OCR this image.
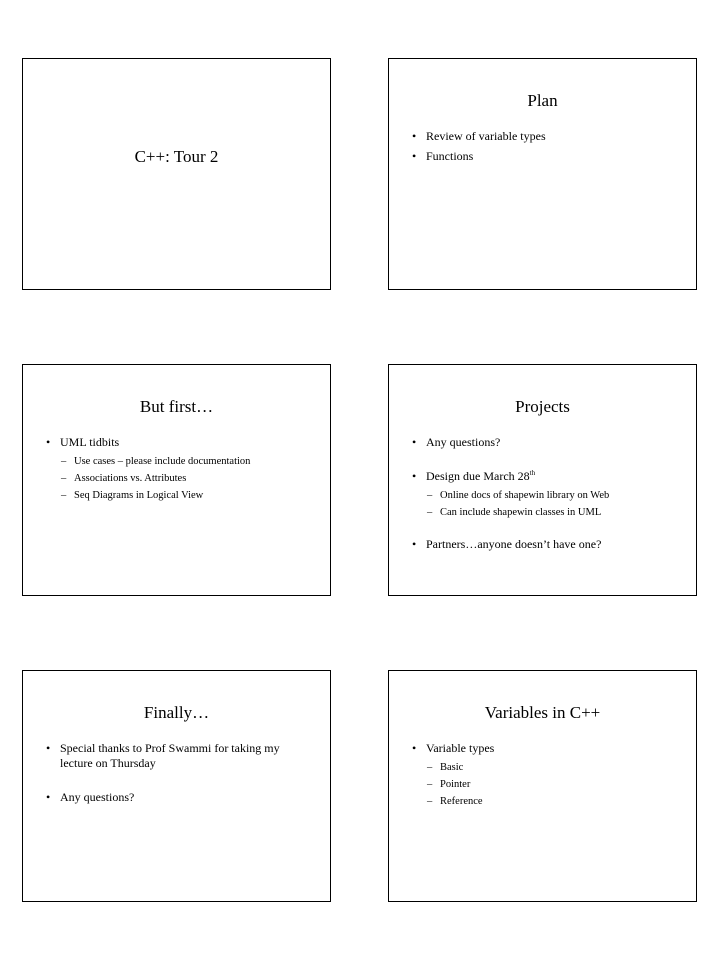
C++: Tour 2
Plan
• Review of variable types
• Functions
But first…
• UML tidbits
– Use cases – please include documentation
– Associations vs. Attributes
– Seq Diagrams in Logical View
Projects
• Any questions?
• Design due March 28th
– Online docs of shapewin library on Web
– Can include shapewin classes in UML
• Partners…anyone doesn’t have one?
Finally…
• Special thanks to Prof Swammi for taking my lecture on Thursday
• Any questions?
Variables in C++
• Variable types
– Basic
– Pointer
– Reference
